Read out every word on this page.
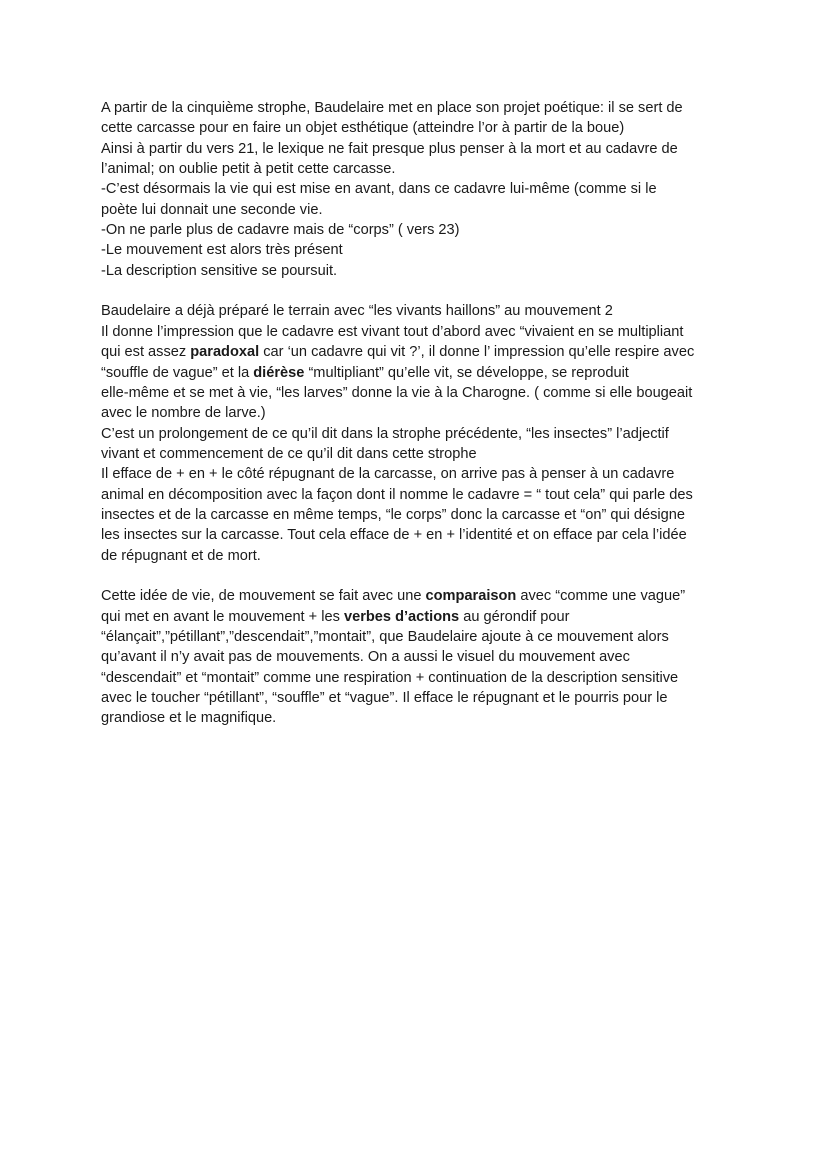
A partir de la cinquième strophe, Baudelaire met en place son projet poétique: il se sert de
cette carcasse pour en faire un objet esthétique (atteindre l’or à partir de la boue)
Ainsi à partir du vers 21, le lexique ne fait presque plus penser à la mort et au cadavre de
l’animal; on oublie petit à petit cette carcasse.
-C’est désormais la vie qui est mise en avant, dans ce cadavre lui-même (comme si le
poète lui donnait une seconde vie.
-On ne parle plus de cadavre mais de “corps” ( vers 23)
-Le mouvement est alors très présent
-La description sensitive se poursuit.
Baudelaire a déjà préparé le terrain avec “les vivants haillons” au mouvement 2
Il donne l’impression que le cadavre est vivant tout d’abord avec “vivaient en se multipliant
qui est assez paradoxal car ‘un cadavre qui vit ?’, il donne l’ impression qu’elle respire avec
“souffle de vague” et la diérèse “multipliant” qu’elle vit, se développe, se reproduit
elle-même et se met à vie, “les larves” donne la vie à la Charogne. ( comme si elle bougeait
avec le nombre de larve.)
C’est un prolongement de ce qu’il dit dans la strophe précédente, “les insectes” l’adjectif
vivant et commencement de ce qu’il dit dans cette strophe
Il efface de + en + le côté répugnant de la carcasse, on arrive pas à penser à un cadavre
animal en décomposition avec la façon dont il nomme le cadavre = “ tout cela” qui parle des
insectes et de la carcasse en même temps, “le corps” donc la carcasse et “on” qui désigne
les insectes sur la carcasse. Tout cela efface de + en + l’identité et on efface par cela l’idée
de répugnant et de mort.
Cette idée de vie, de mouvement se fait avec une comparaison avec “comme une vague”
qui met en avant le mouvement + les verbes d’actions au gérondif pour
“élançait”,”pétillant”,”descendait”,”montait”, que Baudelaire ajoute à ce mouvement alors
qu’avant il n’y avait pas de mouvements. On a aussi le visuel du mouvement avec
“descendait” et “montait” comme une respiration + continuation de la description sensitive
avec le toucher “pétillant”, “souffle” et “vague”. Il efface le répugnant et le pourris pour le
grandiose et le magnifique.
